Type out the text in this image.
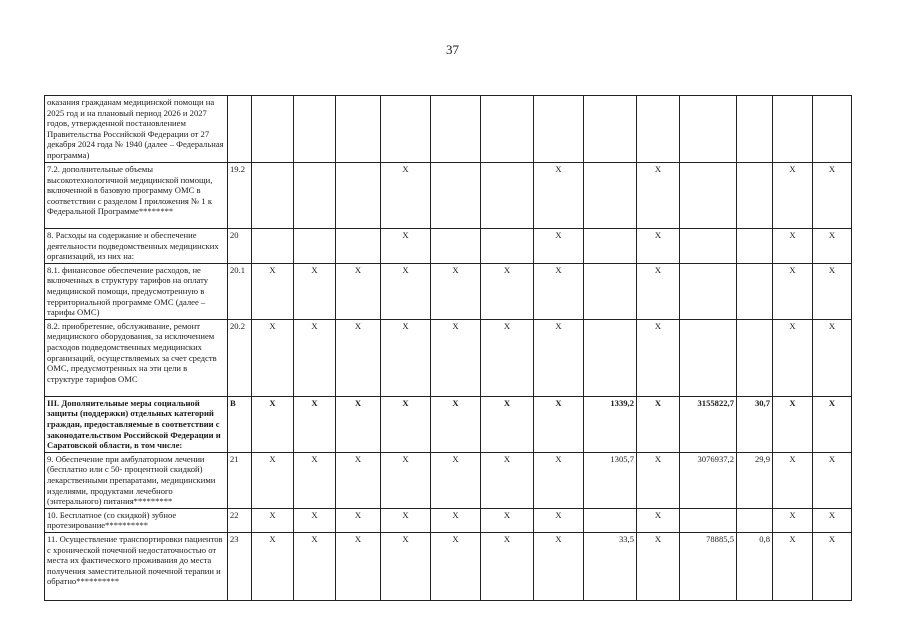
37
оказания гражданам медицинской помощи на 2025 год и на плановый период 2026 и 2027 годов, утвержденной постановлением Правительства Российской Федерации от 27 декабря 2024 года № 1940 (далее – Федеральная программа)														
7.2. дополнительные объемы высокотехнологичной медицинской помощи, включенной в базовую программу ОМС в соответствии с разделом I приложения № 1 к Федеральной Программе********	19.2				X			X		X			X	X
8. Расходы на содержание и обеспечение деятельности подведомственных медицинских организаций, из них на:	20				X			X		X			X	X
8.1. финансовое обеспечение расходов, не включенных в структуру тарифов на оплату медицинской помощи, предусмотренную в территориальной программе ОМС (далее – тарифы ОМС)	20.1	X	X	X	X	X	X	X		X			X	X
8.2. приобретение, обслуживание, ремонт медицинского оборудования, за исключением расходов подведомственных медицинских организаций, осуществляемых за счет средств ОМС, предусмотренных на эти цели в структуре тарифов ОМС	20.2	X	X	X	X	X	X	X		X			X	X
III. Дополнительные меры социальной защиты (поддержки) отдельных категорий граждан, предоставляемые в соответствии с законодательством Российской Федерации и Саратовской области, в том числе:	В	X	X	X	X	X	X	X	1339,2	X	3155822,7	30,7	X	X
9. Обеспечение при амбулаторном лечении (бесплатно или с 50- процентной скидкой) лекарственными препаратами, медицинскими изделиями, продуктами лечебного (энтерального) питания*********	21	X	X	X	X	X	X	X	1305,7	X	3076937,2	29,9	X	X
10. Бесплатное (со скидкой) зубное протезирование**********	22	X	X	X	X	X	X	X		X			X	X
11. Осуществление транспортировки пациентов с хронической почечной недостаточностью от места их фактического проживания до места получения заместительной почечной терапии и обратно**********	23	X	X	X	X	X	X	X	33,5	X	78885,5	0,8	X	X
